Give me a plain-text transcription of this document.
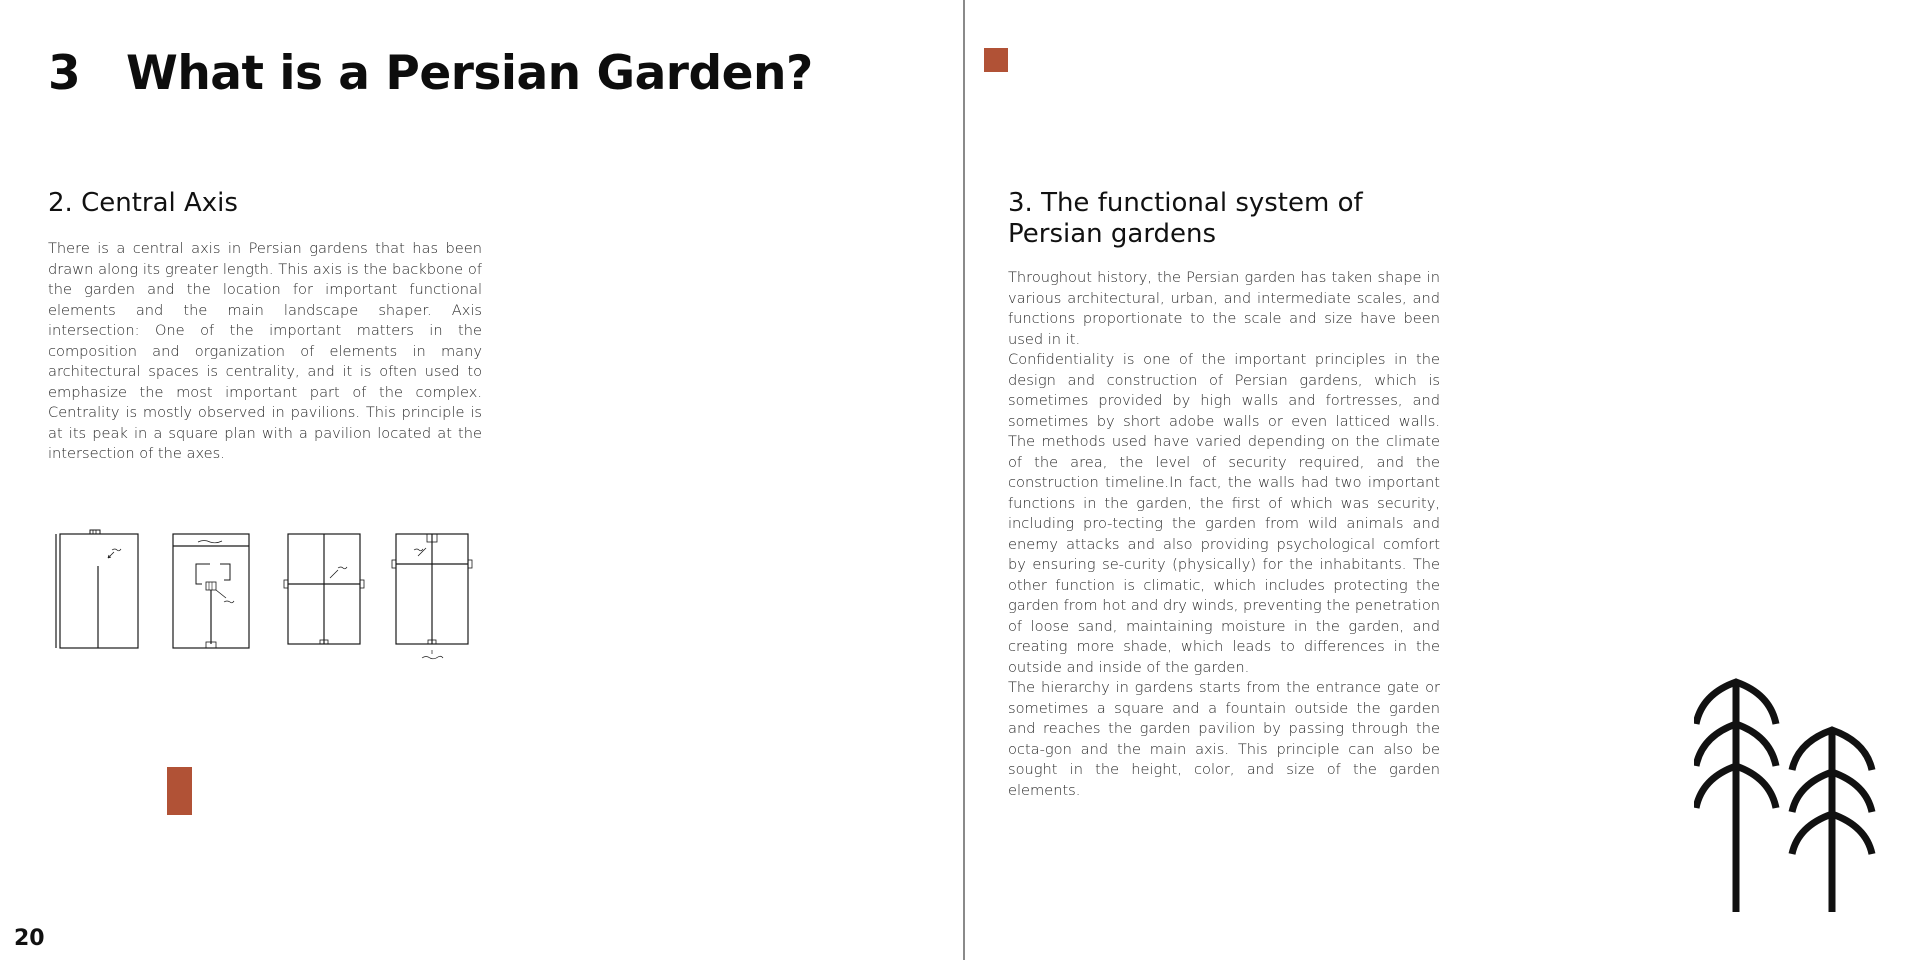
3 What is a Persian Garden?
2. Central Axis

There is a central axis in Persian gardens that has been drawn along its greater length. This axis is the backbone of the garden and the location for important functional elements and the main landscape shaper. Axis intersection: One of the important matters in the composition and organization of elements in many architectural spaces is centrality, and it is often used to emphasize the most important part of the complex. Centrality is mostly observed in pavilions. This principle is at its peak in a square plan with a pavilion located at the intersection of the axes.

20
3. The functional system of Persian gardens

Throughout history, the Persian garden has taken shape in various architectural, urban, and intermediate scales, and functions proportionate to the scale and size have been used in it.

Confidentiality is one of the important principles in the design and construction of Persian gardens, which is sometimes provided by high walls and fortresses, and sometimes by short adobe walls or even latticed walls. The methods used have varied depending on the climate of the area, the level of security required, and the construction timeline.In fact, the walls had two important functions in the garden, the first of which was security, including pro-tecting the garden from wild animals and enemy attacks and also providing psychological comfort by ensuring se-curity (physically) for the inhabitants. The other function is climatic, which includes protecting the garden from hot and dry winds, preventing the penetration of loose sand, maintaining moisture in the garden, and creating more shade, which leads to differences in the outside and inside of the garden.

The hierarchy in gardens starts from the entrance gate or sometimes a square and a fountain outside the garden and reaches the garden pavilion by passing through the octa-gon and the main axis. This principle can also be sought in the height, color, and size of the garden elements.
